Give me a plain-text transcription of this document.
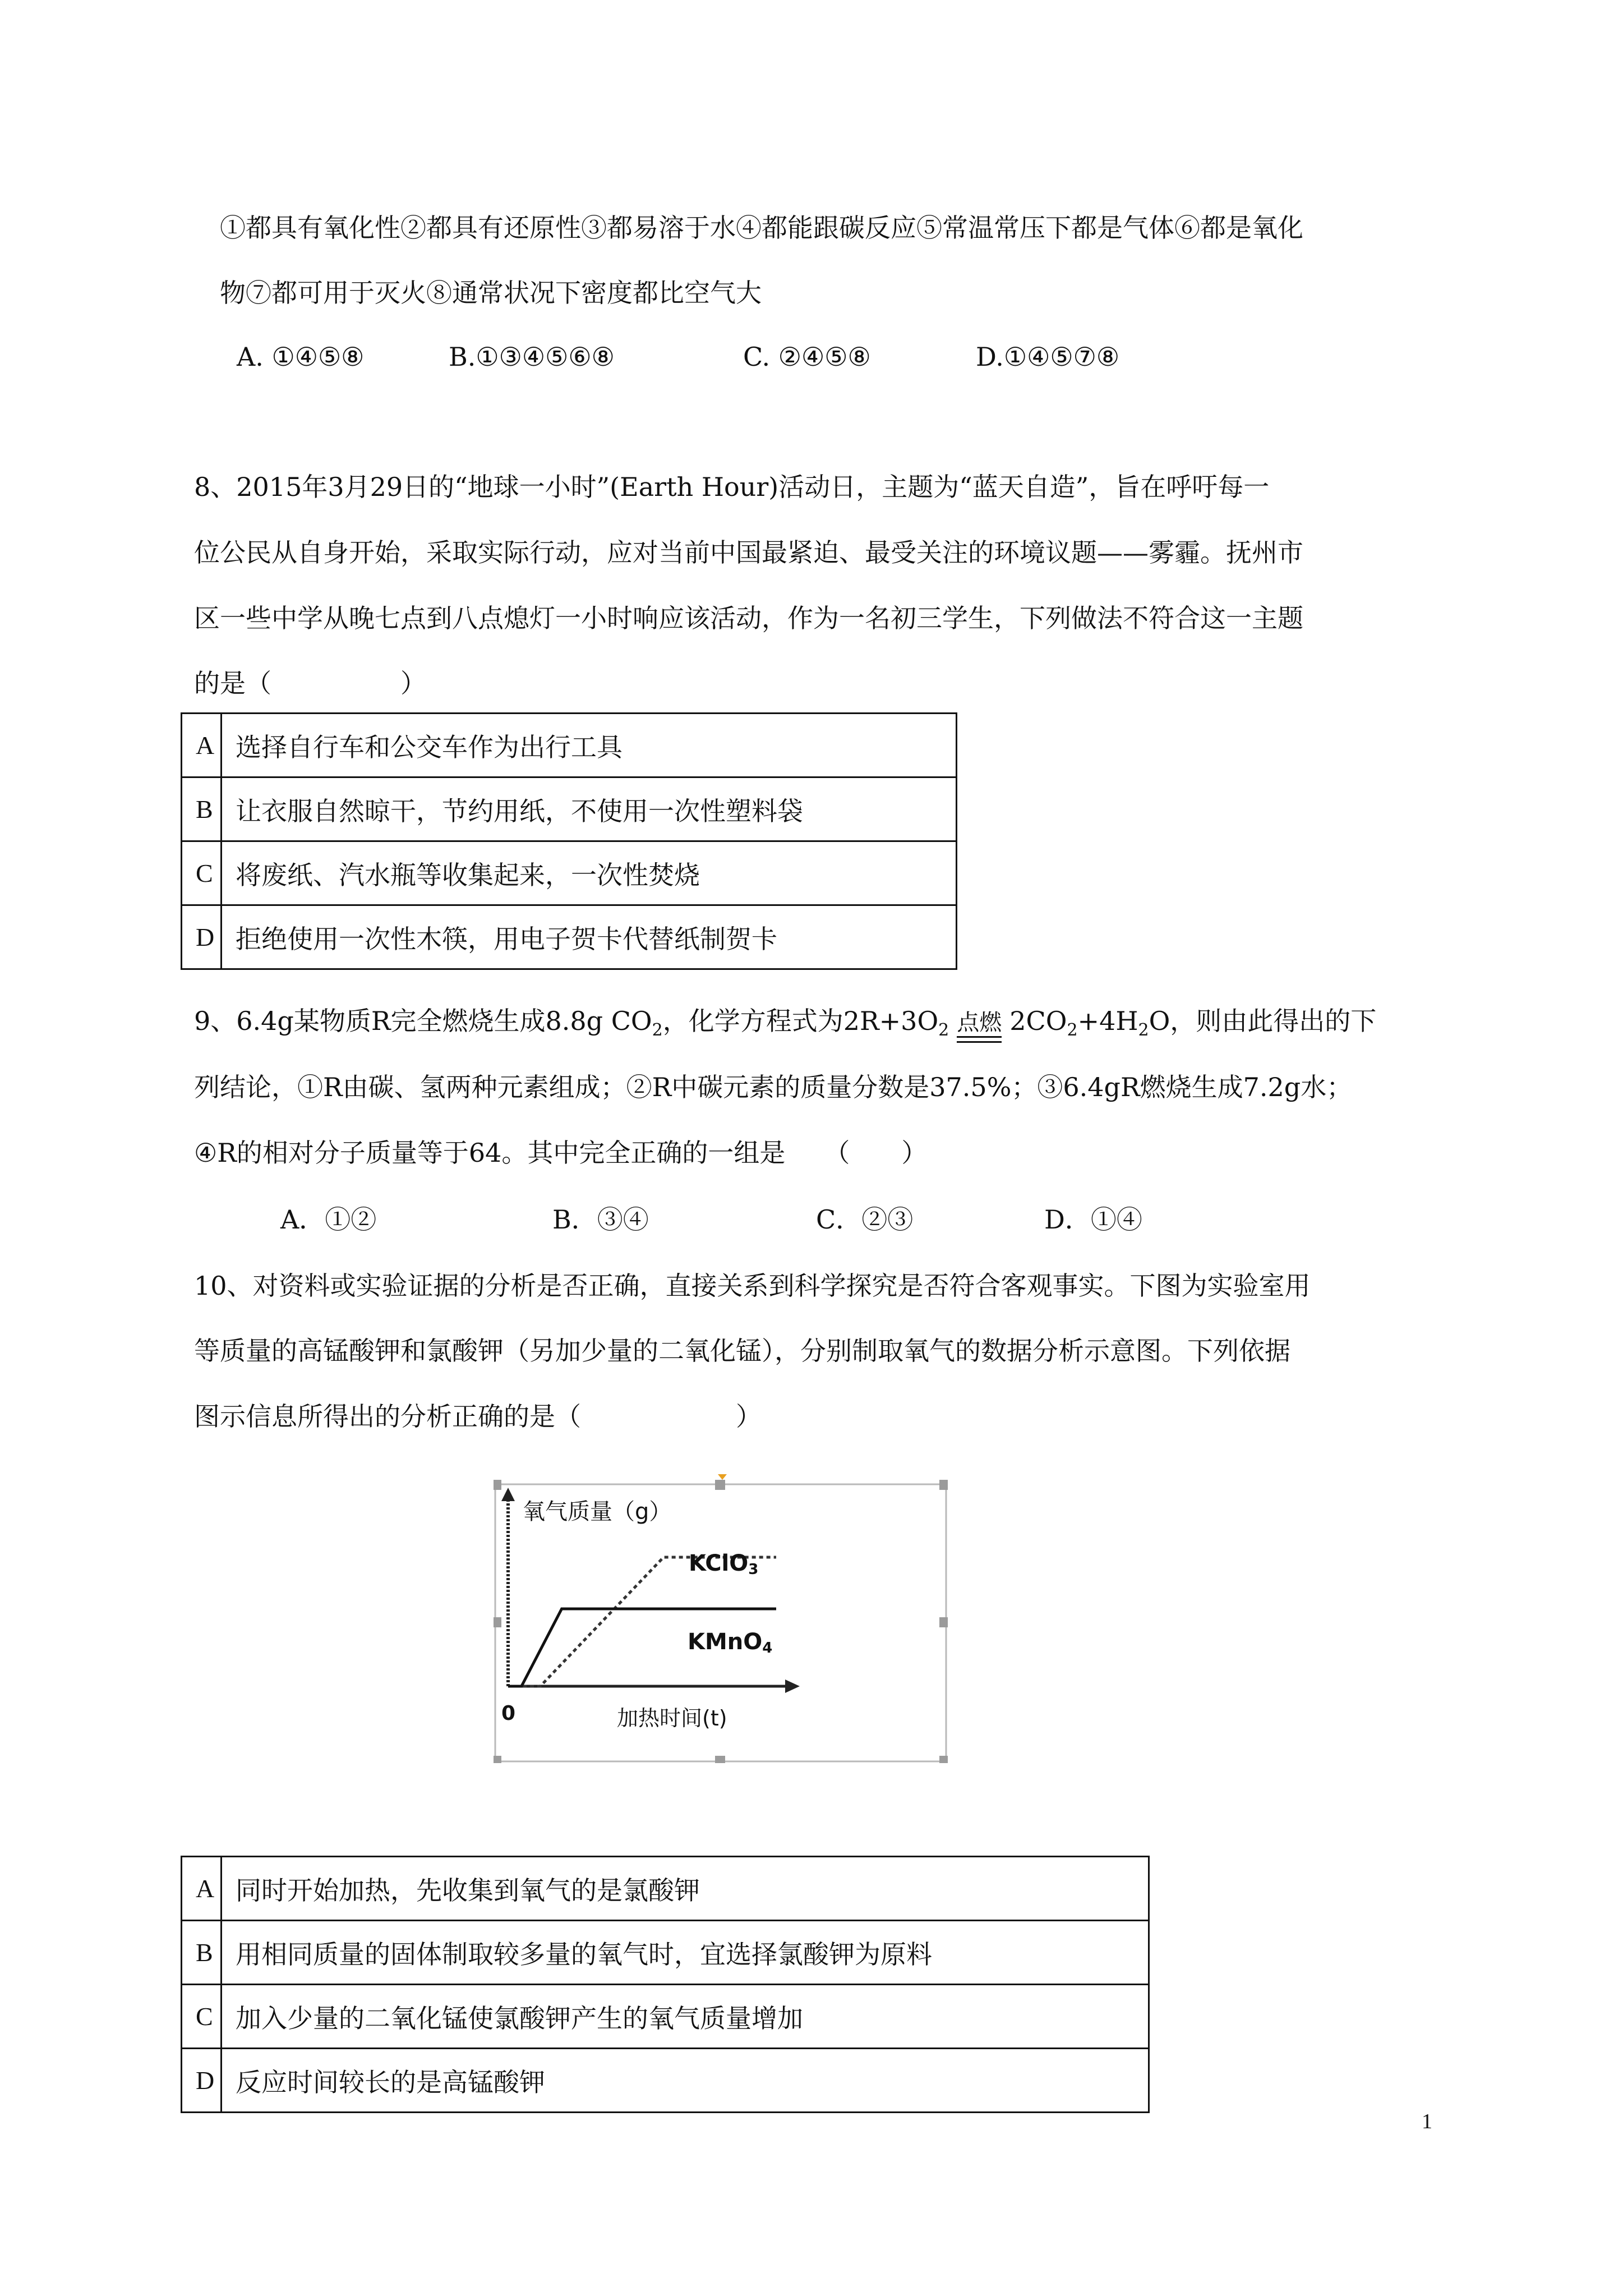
①都具有氧化性②都具有还原性③都易溶于水④都能跟碳反应⑤常温常压下都是气体⑥都是氧化
物⑦都可用于灭火⑧通常状况下密度都比空气大
A. ①④⑤⑧	B.①③④⑤⑥⑧	C. ②④⑤⑧	D.①④⑤⑦⑧
8、2015年3月29日的“地球一小时”(Earth Hour)活动日，主题为“蓝天自造”，旨在呼吁每一
位公民从自身开始，采取实际行动，应对当前中国最紧迫、最受关注的环境议题——雾霾。抚州市
区一些中学从晚七点到八点熄灯一小时响应该活动，作为一名初三学生，下列做法不符合这一主题
的是（　　　　　）
A	选择自行车和公交车作为出行工具
B	让衣服自然晾干，节约用纸，不使用一次性塑料袋
C	将废纸、汽水瓶等收集起来，一次性焚烧
D	拒绝使用一次性木筷，用电子贺卡代替纸制贺卡
9、6.4g某物质R完全燃烧生成8.8g $CO_2$，化学方程式为$2R+3O_2$ 点燃 $2CO_2+4H_2O$，则由此得出的下
列结论，①R由碳、氢两种元素组成；②R中碳元素的质量分数是37.5%；③6.4gR燃烧生成7.2g水；
④R的相对分子质量等于64。其中完全正确的一组是　　（　　）
A．①②	B．③④	C．②③	D．①④
10、对资料或实验证据的分析是否正确，直接关系到科学探究是否符合客观事实。下图为实验室用
等质量的高锰酸钾和氯酸钾（另加少量的二氧化锰），分别制取氧气的数据分析示意图。下列依据
图示信息所得出的分析正确的是（　　　　　　）
氧气质量（g）
加热时间(t)
0
KClO3
KMnO4
A	同时开始加热，先收集到氧气的是氯酸钾
B	用相同质量的固体制取较多量的氧气时，宜选择氯酸钾为原料
C	加入少量的二氧化锰使氯酸钾产生的氧气质量增加
D	反应时间较长的是高锰酸钾
1
